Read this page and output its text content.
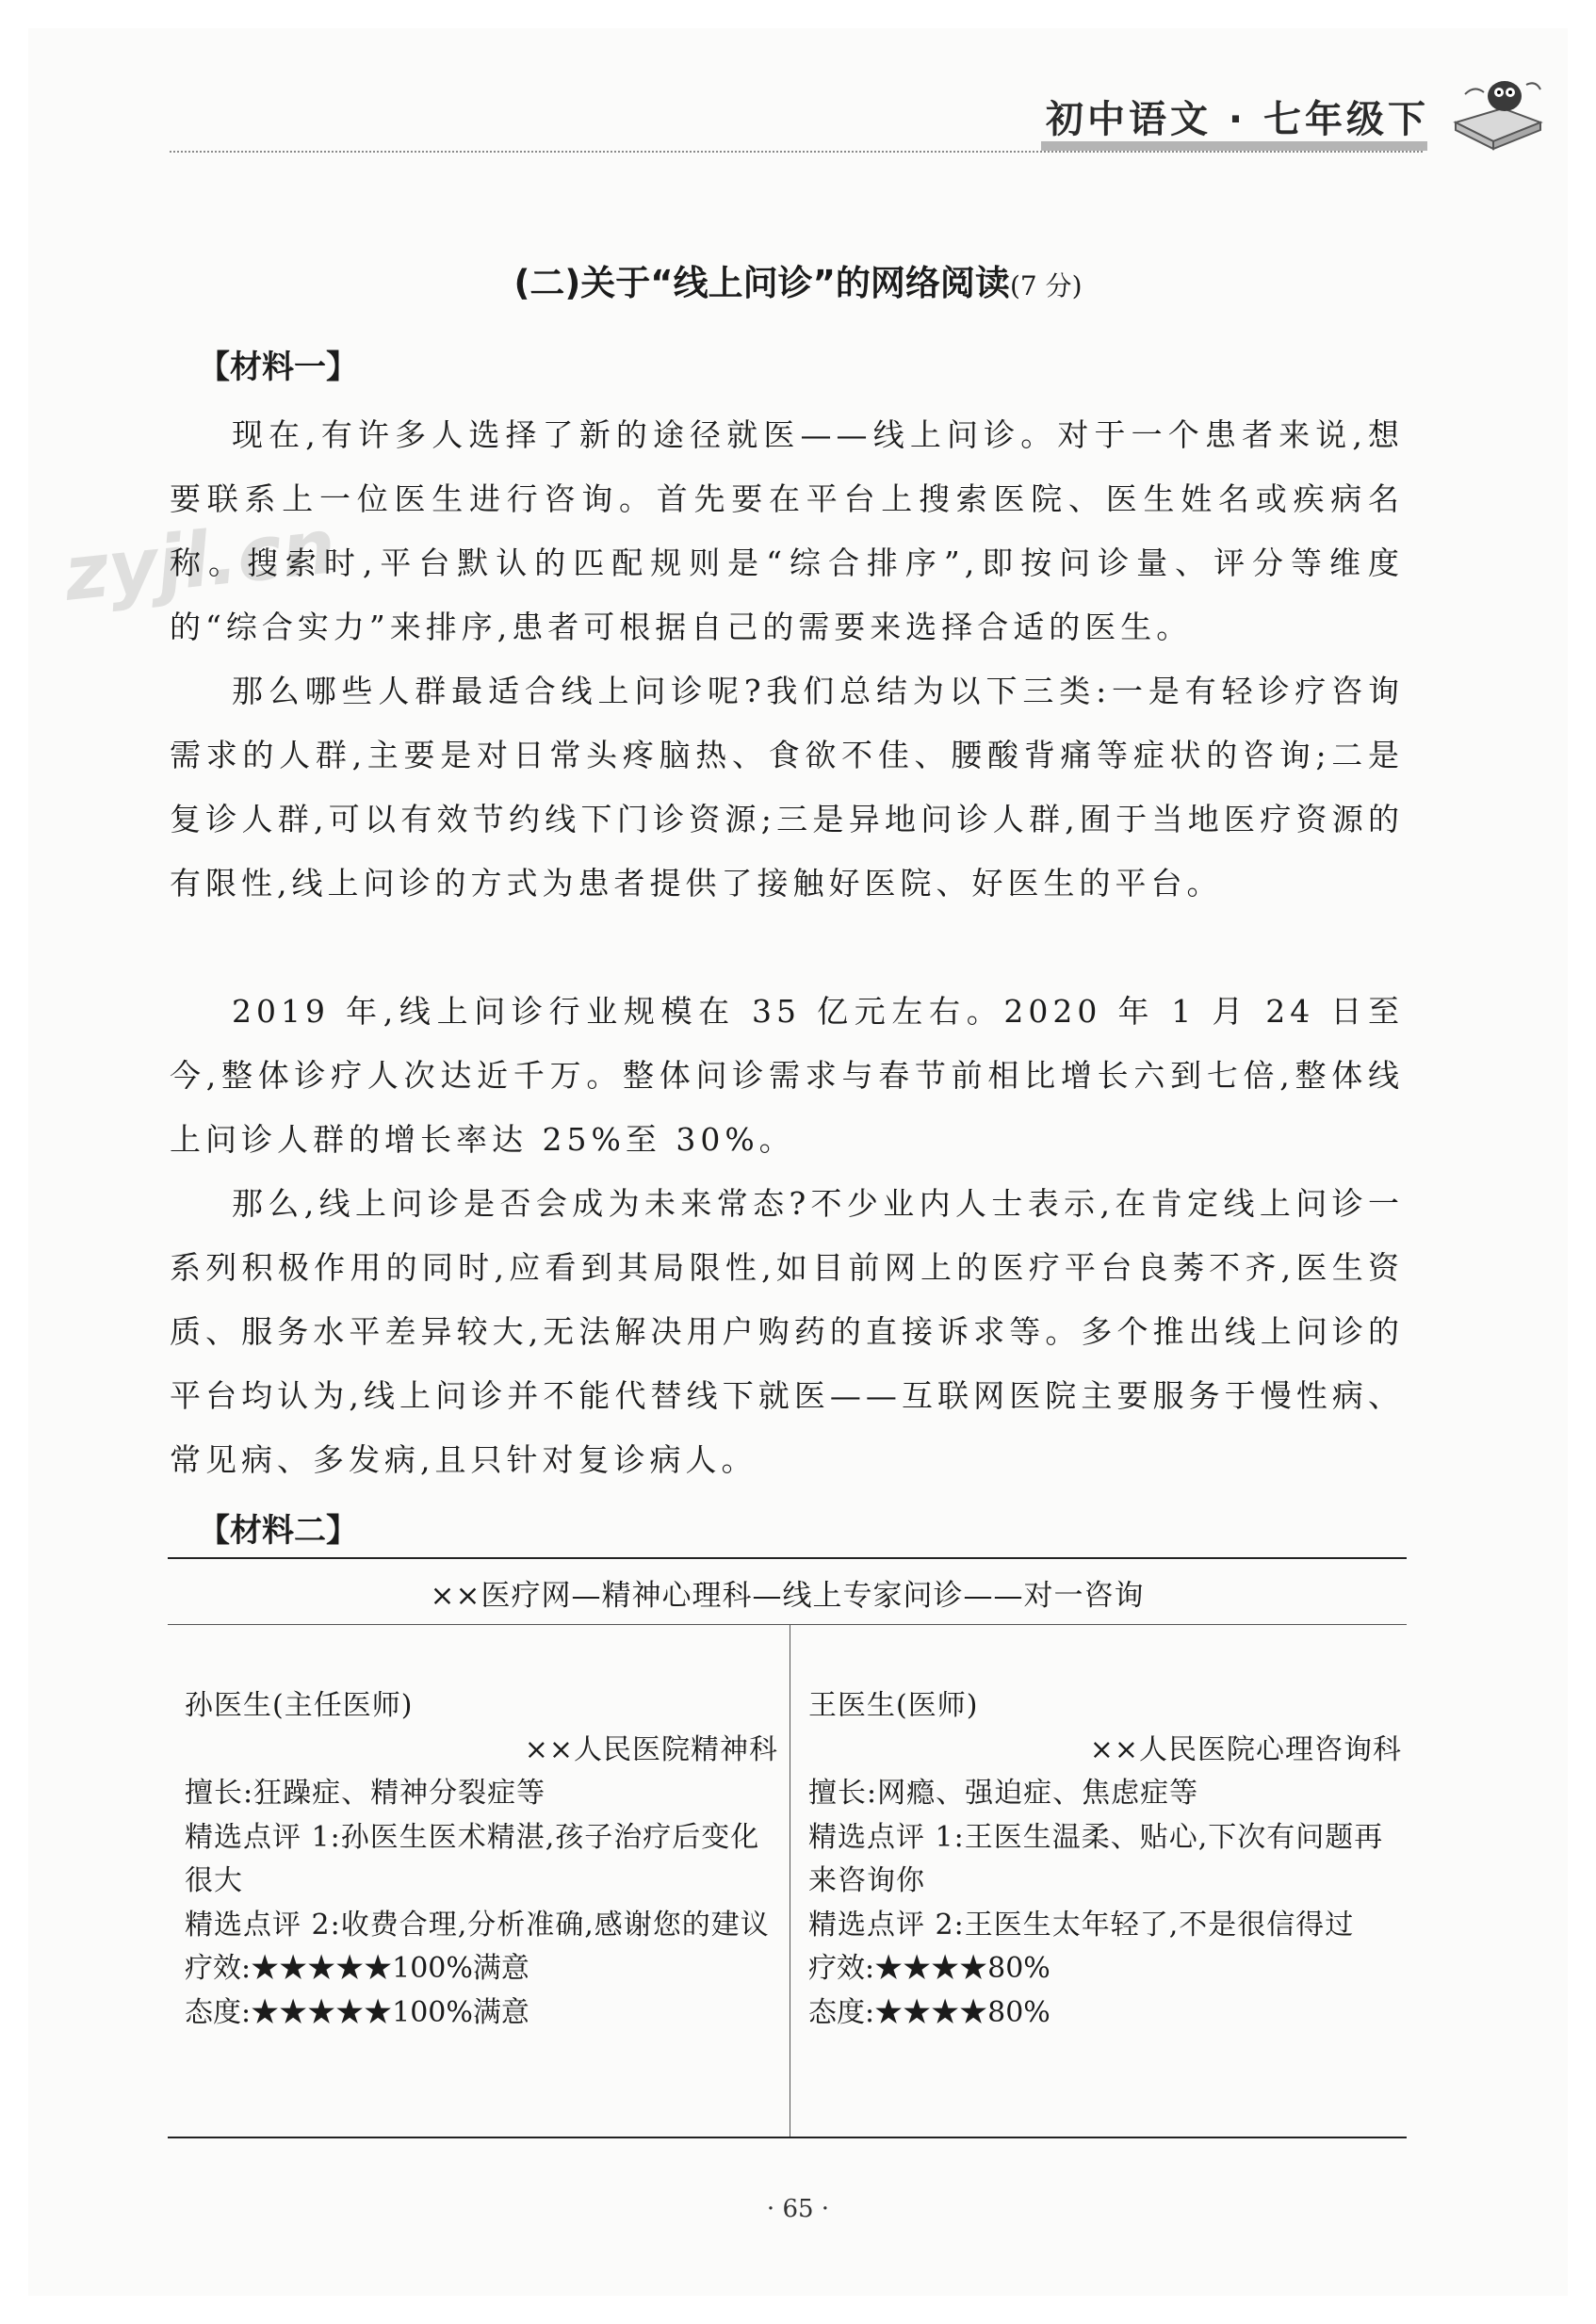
初中语文 · 七年级下
zyjl.cn
(二)关于“线上问诊”的网络阅读(7 分)
【材料一】

现在,有许多人选择了新的途径就医——线上问诊。对于一个患者来说,想要联系上一位医生进行咨询。首先要在平台上搜索医院、医生姓名或疾病名称。搜索时,平台默认的匹配规则是“综合排序”,即按问诊量、评分等维度的“综合实力”来排序,患者可根据自己的需要来选择合适的医生。

那么哪些人群最适合线上问诊呢?我们总结为以下三类:一是有轻诊疗咨询需求的人群,主要是对日常头疼脑热、食欲不佳、腰酸背痛等症状的咨询;二是复诊人群,可以有效节约线下门诊资源;三是异地问诊人群,囿于当地医疗资源的有限性,线上问诊的方式为患者提供了接触好医院、好医生的平台。

2019 年,线上问诊行业规模在 35 亿元左右。2020 年 1 月 24 日至今,整体诊疗人次达近千万。整体问诊需求与春节前相比增长六到七倍,整体线上问诊人群的增长率达 25%至 30%。

那么,线上问诊是否会成为未来常态?不少业内人士表示,在肯定线上问诊一系列积极作用的同时,应看到其局限性,如目前网上的医疗平台良莠不齐,医生资质、服务水平差异较大,无法解决用户购药的直接诉求等。多个推出线上问诊的平台均认为,线上问诊并不能代替线下就医——互联网医院主要服务于慢性病、常见病、多发病,且只针对复诊病人。

【材料二】
××医疗网—精神心理科—线上专家问诊——对一咨询
孙医生(主任医师)
××人民医院精神科
擅长:狂躁症、精神分裂症等
精选点评 1:孙医生医术精湛,孩子治疗后变化很大
精选点评 2:收费合理,分析准确,感谢您的建议
疗效:★★★★★100%满意
态度:★★★★★100%满意
王医生(医师)
××人民医院心理咨询科
擅长:网瘾、强迫症、焦虑症等
精选点评 1:王医生温柔、贴心,下次有问题再来咨询你
精选点评 2:王医生太年轻了,不是很信得过
疗效:★★★★80%
态度:★★★★80%
· 65 ·
